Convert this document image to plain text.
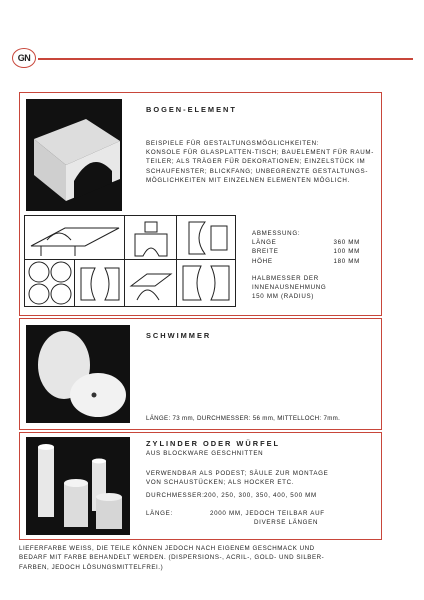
GN
BOGEN-ELEMENT
BEISPIELE FÜR GESTALTUNGSMÖGLICHKEITEN:
KONSOLE FÜR GLASPLATTEN-TISCH; BAUELEMENT FÜR RAUM-
TEILER; ALS TRÄGER FÜR DEKORATIONEN; EINZELSTÜCK IM
SCHAUFENSTER; BLICKFANG; UNBEGRENZTE GESTALTUNGS-
MÖGLICHKEITEN MIT EINZELNEN ELEMENTEN MÖGLICH.
ABMESSUNG:
LÄNGE	360 MM
BREITE	100 MM
HÖHE	180 MM
HALBMESSER DER
INNENAUSNEHMUNG
150 MM (RADIUS)
SCHWIMMER
LÄNGE: 73 mm, DURCHMESSER: 56 mm, MITTELLOCH: 7mm.
ZYLINDER ODER WÜRFEL
AUS BLOCKWARE GESCHNITTEN
VERWENDBAR ALS PODEST; SÄULE ZUR MONTAGE
VON SCHAUSTÜCKEN; ALS HOCKER ETC.
DURCHMESSER: 200, 250, 300, 350, 400, 500 MM
LÄNGE:	2000 MM, JEDOCH TEILBAR AUF
DIVERSE LÄNGEN
LIEFERFARBE WEISS, DIE TEILE KÖNNEN JEDOCH NACH EIGENEM GESCHMACK UND
BEDARF MIT FARBE BEHANDELT WERDEN. (DISPERSIONS-, ACRIL-, GOLD- UND SILBER-
FARBEN, JEDOCH LÖSUNGSMITTELFREI.)
